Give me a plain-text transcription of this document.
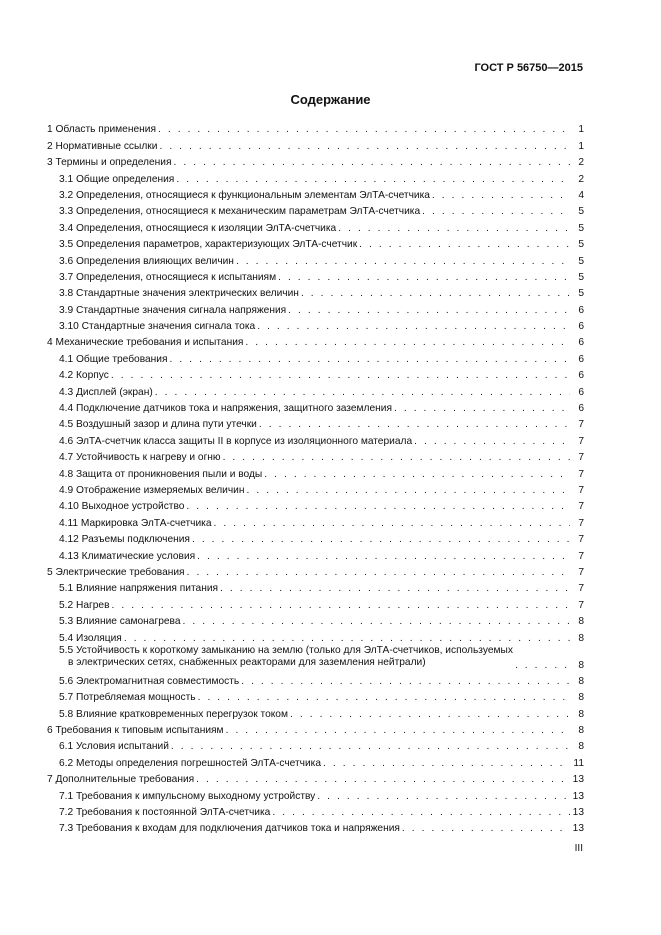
ГОСТ Р 56750—2015
Содержание
1 Область применения . . .	1
2 Нормативные ссылки . . .	1
3 Термины и определения . . .	2
3.1 Общие определения . . .	2
3.2 Определения, относящиеся к функциональным элементам ЭлТА-счетчика . . .	4
3.3 Определения, относящиеся к механическим параметрам ЭлТА-счетчика . . .	5
3.4 Определения, относящиеся к изоляции ЭлТА-счетчика . . .	5
3.5 Определения параметров, характеризующих ЭлТА-счетчик . . .	5
3.6 Определения влияющих величин . . .	5
3.7 Определения, относящиеся к испытаниям . . .	5
3.8 Стандартные значения электрических величин . . .	5
3.9 Стандартные значения сигнала напряжения . . .	6
3.10 Стандартные значения сигнала тока . . .	6
4 Механические требования и испытания . . .	6
4.1 Общие требования . . .	6
4.2 Корпус . . .	6
4.3 Дисплей (экран) . . .	6
4.4 Подключение датчиков тока и напряжения, защитного заземления . . .	6
4.5 Воздушный зазор и длина пути утечки . . .	7
4.6 ЭлТА-счетчик класса защиты II в корпусе из изоляционного материала . . .	7
4.7 Устойчивость к нагреву и огню . . .	7
4.8 Защита от проникновения пыли и воды . . .	7
4.9 Отображение измеряемых величин . . .	7
4.10 Выходное устройство . . .	7
4.11 Маркировка ЭлТА-счетчика . . .	7
4.12 Разъемы подключения . . .	7
4.13 Климатические условия . . .	7
5 Электрические требования . . .	7
5.1 Влияние напряжения питания . . .	7
5.2 Нагрев . . .	7
5.3 Влияние самонагрева . . .	8
5.4 Изоляция . . .	8
5.5 Устойчивость к короткому замыканию на землю (только для ЭлТА-счетчиков, используемых
в электрических сетях, снабженных реакторами для заземления нейтрали) . . .	8
5.6 Электромагнитная совместимость . . .	8
5.7 Потребляемая мощность . . .	8
5.8 Влияние кратковременных перегрузок током . . .	8
6 Требования к типовым испытаниям . . .	8
6.1 Условия испытаний . . .	8
6.2 Методы определения погрешностей ЭлТА-счетчика . . .	11
7 Дополнительные требования . . .	13
7.1 Требования к импульсному выходному устройству . . .	13
7.2 Требования к постоянной ЭлТА-счетчика . . .	13
7.3 Требования к входам для подключения датчиков тока и напряжения . . .	13
III
